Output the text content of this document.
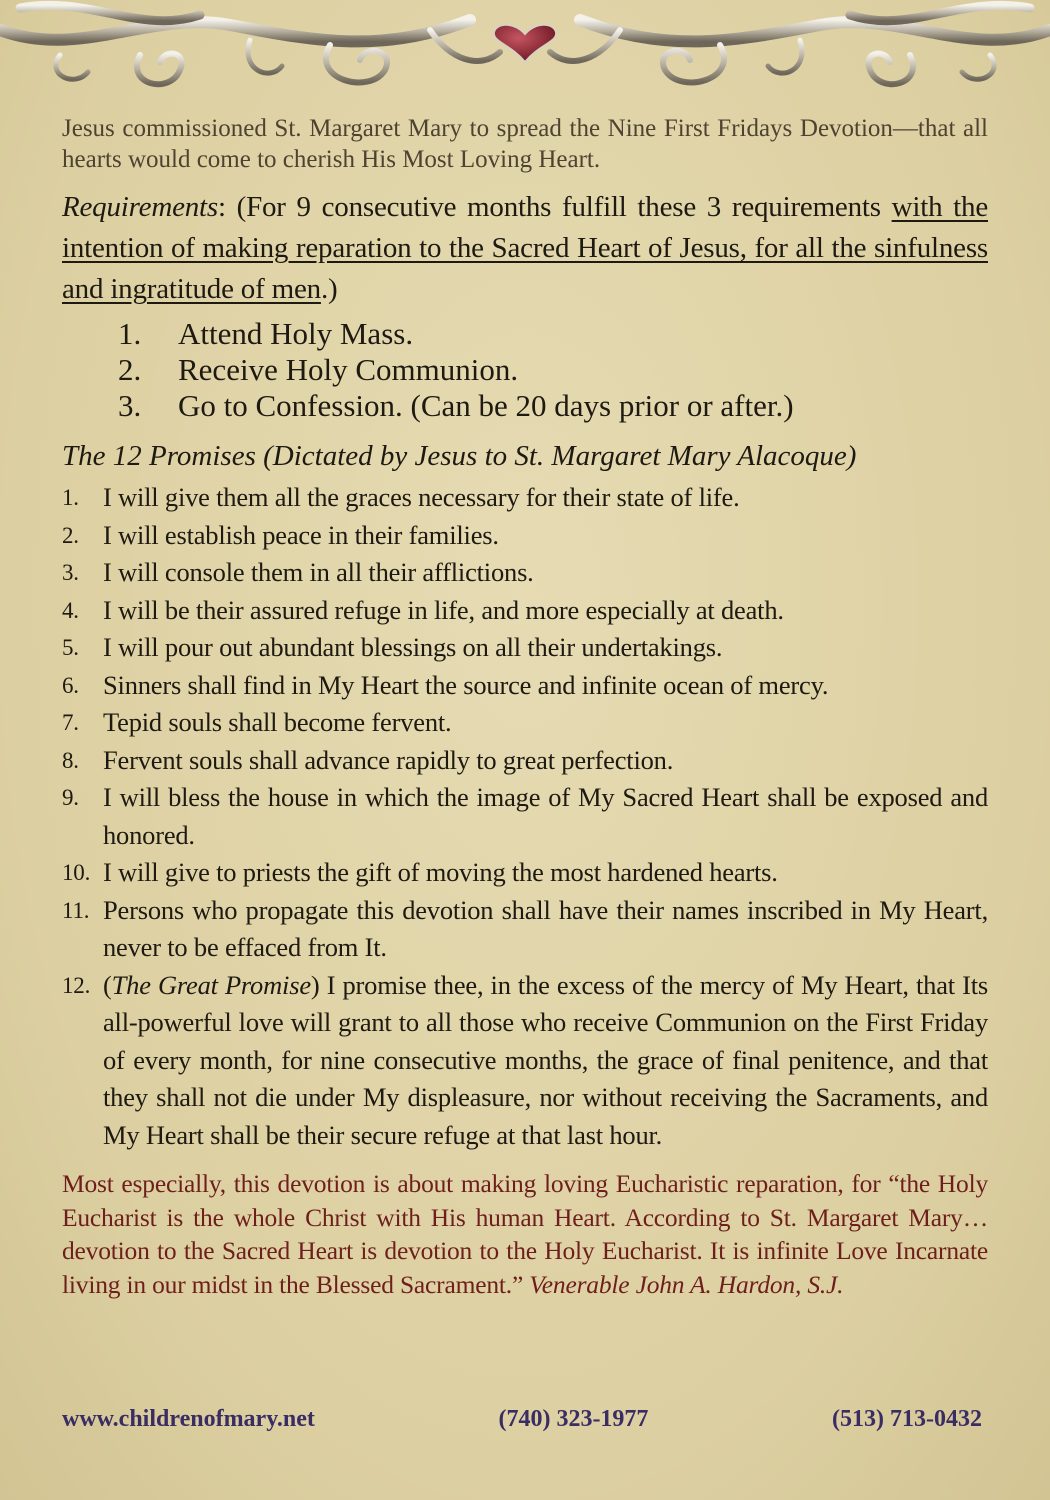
Jesus commissioned St. Margaret Mary to spread the Nine First Fridays Devotion—that all hearts would come to cherish His Most Loving Heart.

Requirements: (For 9 consecutive months fulfill these 3 requirements with the intention of making reparation to the Sacred Heart of Jesus, for all the sinfulness and ingratitude of men.)

1.	Attend Holy Mass.
2.	Receive Holy Communion.
3.	Go to Confession. (Can be 20 days prior or after.)

The 12 Promises (Dictated by Jesus to St. Margaret Mary Alacoque)

1. I will give them all the graces necessary for their state of life.
2. I will establish peace in their families.
3. I will console them in all their afflictions.
4. I will be their assured refuge in life, and more especially at death.
5. I will pour out abundant blessings on all their undertakings.
6. Sinners shall find in My Heart the source and infinite ocean of mercy.
7. Tepid souls shall become fervent.
8. Fervent souls shall advance rapidly to great perfection.
9. I will bless the house in which the image of My Sacred Heart shall be exposed and honored.
10. I will give to priests the gift of moving the most hardened hearts.
11. Persons who propagate this devotion shall have their names inscribed in My Heart, never to be effaced from It.
12. (The Great Promise) I promise thee, in the excess of the mercy of My Heart, that Its all-powerful love will grant to all those who receive Communion on the First Friday of every month, for nine consecutive months, the grace of final penitence, and that they shall not die under My displeasure, nor without receiving the Sacraments, and My Heart shall be their secure refuge at that last hour.

Most especially, this devotion is about making loving Eucharistic reparation, for “the Holy Eucharist is the whole Christ with His human Heart. According to St. Margaret Mary…devotion to the Sacred Heart is devotion to the Holy Eucharist. It is infinite Love Incarnate living in our midst in the Blessed Sacrament.” Venerable John A. Hardon, S.J.

www.childrenofmary.net	(740) 323-1977	(513) 713-0432
